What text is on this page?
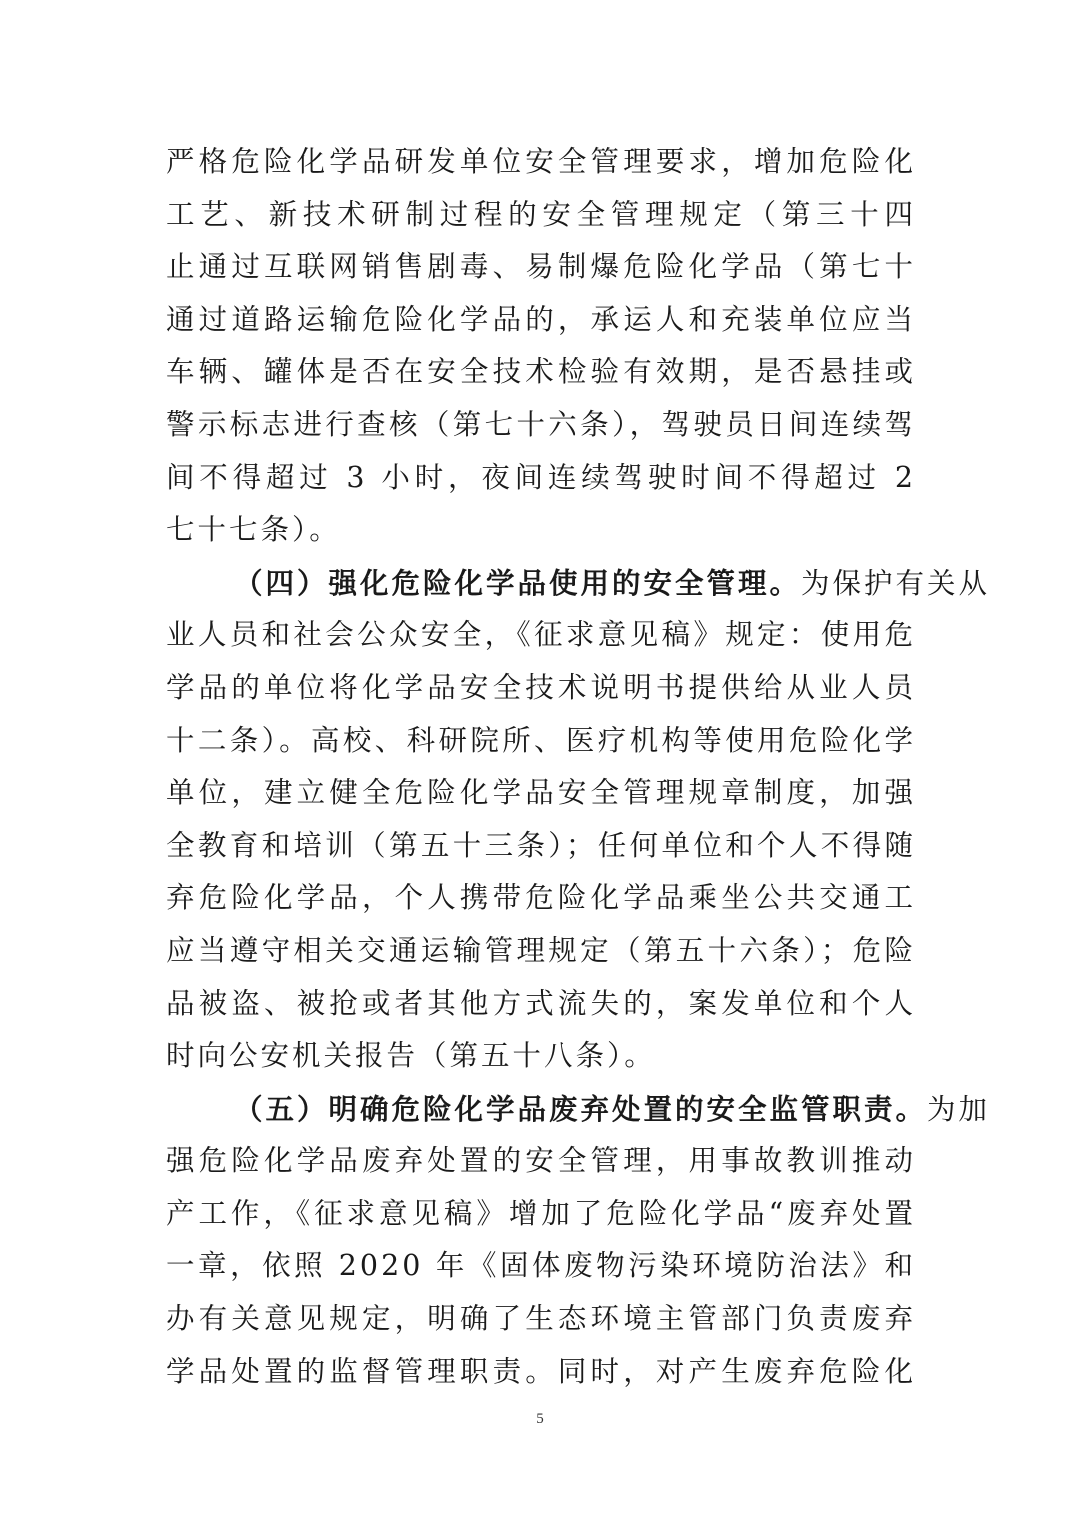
严格危险化学品研发单位安全管理要求，增加危险化
工艺、新技术研制过程的安全管理规定（第三十四
止通过互联网销售剧毒、易制爆危险化学品（第七十
通过道路运输危险化学品的，承运人和充装单位应当
车辆、罐体是否在安全技术检验有效期，是否悬挂或
警示标志进行查核（第七十六条），驾驶员日间连续驾
间不得超过 3 小时，夜间连续驾驶时间不得超过 2
七十七条）。
（四）强化危险化学品使用的安全管理。为保护有关从
业人员和社会公众安全，《征求意见稿》规定：使用危
学品的单位将化学品安全技术说明书提供给从业人员
十二条）。高校、科研院所、医疗机构等使用危险化学
单位，建立健全危险化学品安全管理规章制度，加强
全教育和培训（第五十三条）；任何单位和个人不得随
弃危险化学品，个人携带危险化学品乘坐公共交通工
应当遵守相关交通运输管理规定（第五十六条）；危险
品被盗、被抢或者其他方式流失的，案发单位和个人
时向公安机关报告（第五十八条）。
（五）明确危险化学品废弃处置的安全监管职责。为加
强危险化学品废弃处置的安全管理，用事故教训推动
产工作，《征求意见稿》增加了危险化学品“废弃处置
一章，依照 2020 年《固体废物污染环境防治法》和
办有关意见规定，明确了生态环境主管部门负责废弃
学品处置的监督管理职责。同时，对产生废弃危险化
5
